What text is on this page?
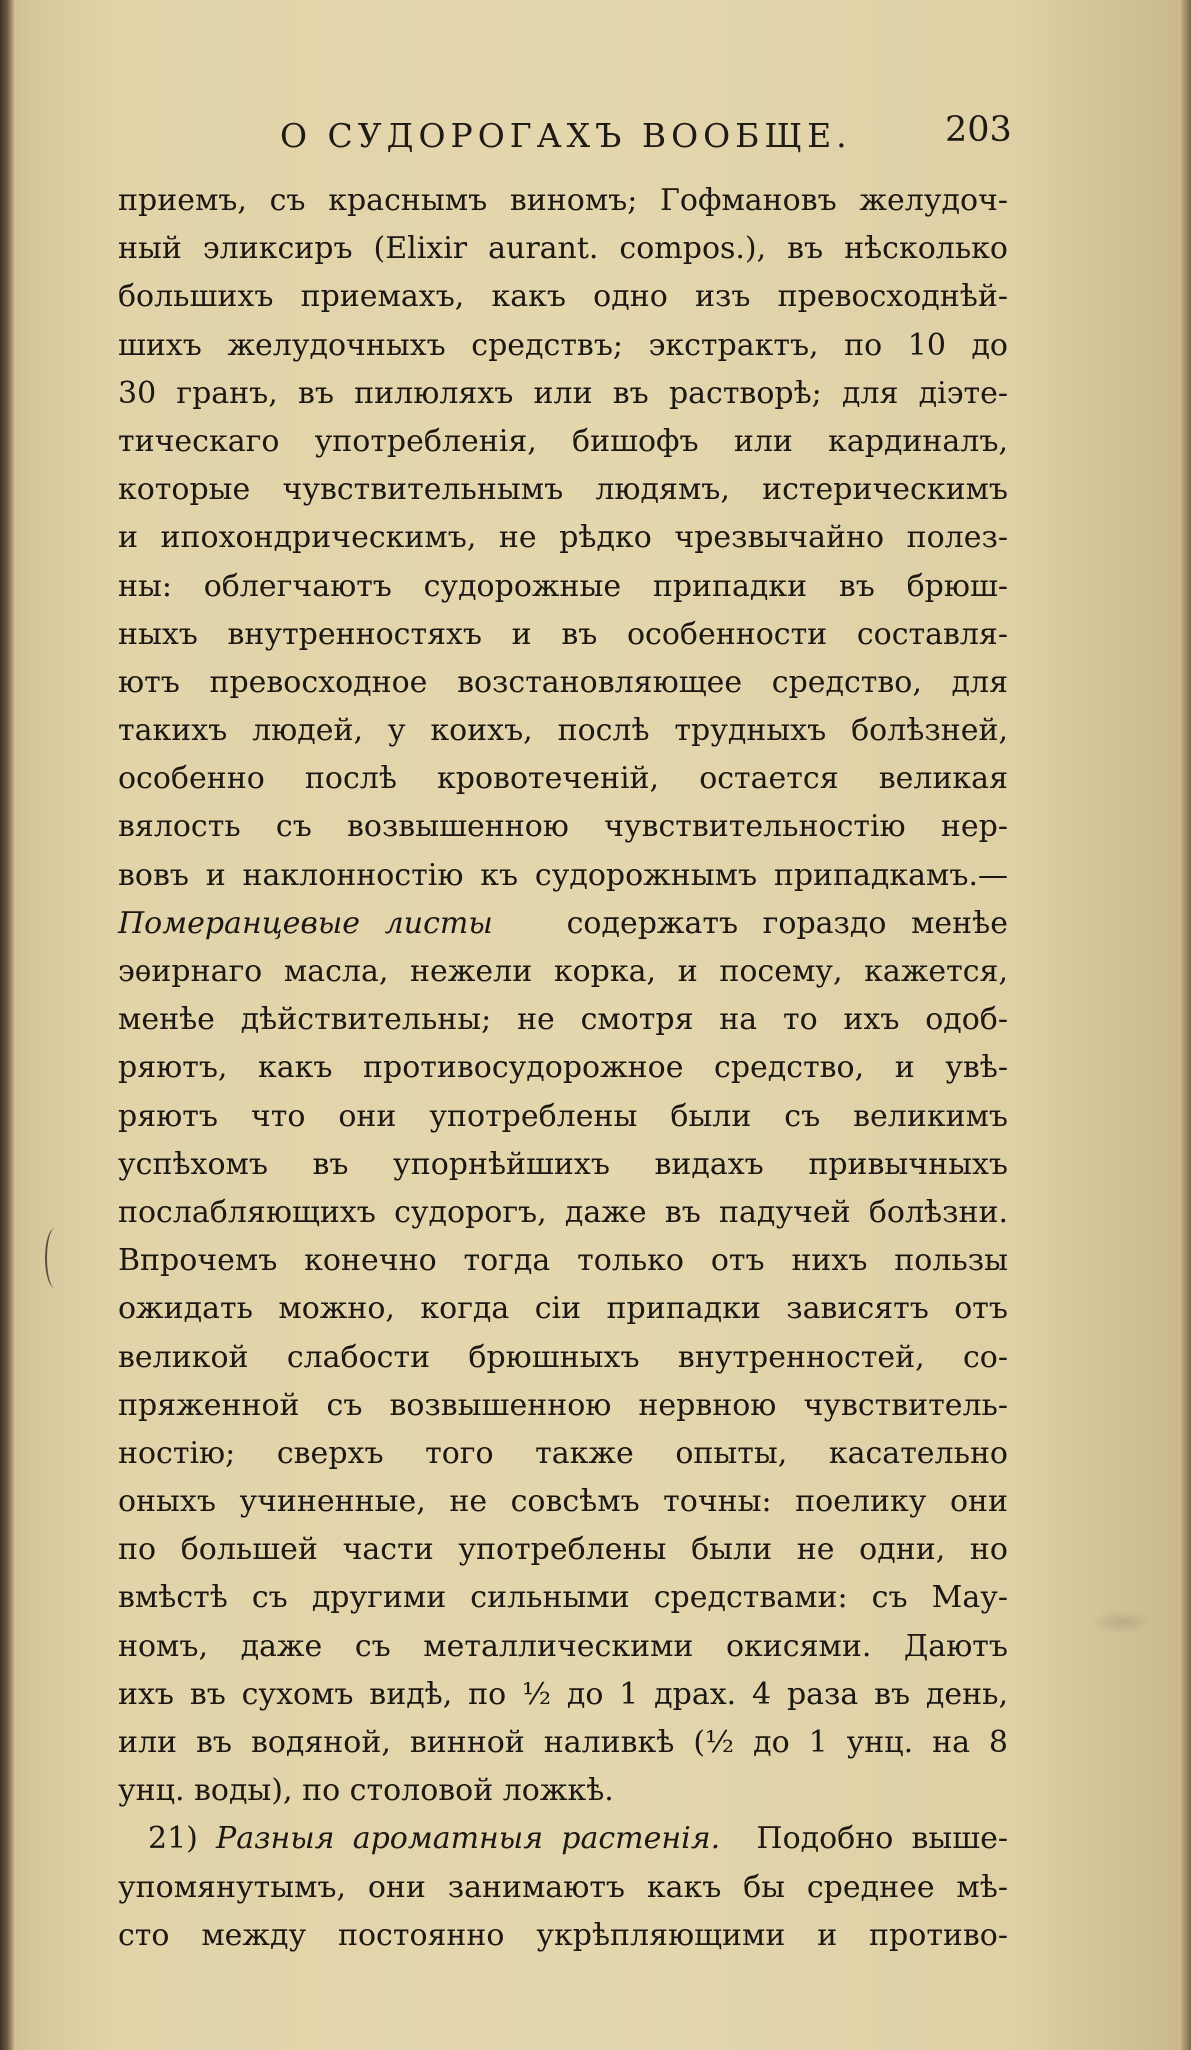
О СУДОРОГАХЪ ВООБЩЕ.	203
приемъ, съ краснымъ виномъ; Гофмановъ желудоч-
ный эликсиръ (Elixir aurant. compos.), въ нѣсколько
большихъ приемахъ, какъ одно изъ превосходнѣй-
шихъ желудочныхъ средствъ; экстрактъ, по 10 до
30 гранъ, въ пилюляхъ или въ растворѣ; для діэте-
тическаго употребленія, бишофъ или кардиналъ,
которые чувствительнымъ людямъ, истерическимъ
и ипохондрическимъ, не рѣдко чрезвычайно полез-
ны: облегчаютъ судорожные припадки въ брюш-
ныхъ внутренностяхъ и въ особенности составля-
ютъ превосходное возстановляющее средство, для
такихъ людей, у коихъ, послѣ трудныхъ болѣзней,
особенно послѣ кровотеченій, остается великая
вялость съ возвышенною чувствительностію нер-
вовъ и наклонностію къ судорожнымъ припадкамъ.—
Померанцевые листы содержатъ гораздо менѣе
эѳирнаго масла, нежели корка, и посему, кажется,
менѣе дѣйствительны; не смотря на то ихъ одоб-
ряютъ, какъ противосудорожное средство, и увѣ-
ряютъ что они употреблены были съ великимъ
успѣхомъ въ упорнѣйшихъ видахъ привычныхъ
послабляющихъ судорогъ, даже въ падучей болѣзни.
Впрочемъ конечно тогда только отъ нихъ пользы
ожидать можно, когда сіи припадки зависятъ отъ
великой слабости брюшныхъ внутренностей, со-
пряженной съ возвышенною нервною чувствитель-
ностію; сверхъ того также опыты, касательно
оныхъ учиненные, не совсѣмъ точны: поелику они
по большей части употреблены были не одни, но
вмѣстѣ съ другими сильными средствами: съ Мау-
номъ, даже съ металлическими окисями. Даютъ
ихъ въ сухомъ видѣ, по ½ до 1 драх. 4 раза въ день,
или въ водяной, винной наливкѣ (½ до 1 унц. на 8
унц. воды), по столовой ложкѣ.
21) Разныя ароматныя растенія. Подобно выше-
упомянутымъ, они занимаютъ какъ бы среднее мѣ-
сто между постоянно укрѣпляющими и противо-
